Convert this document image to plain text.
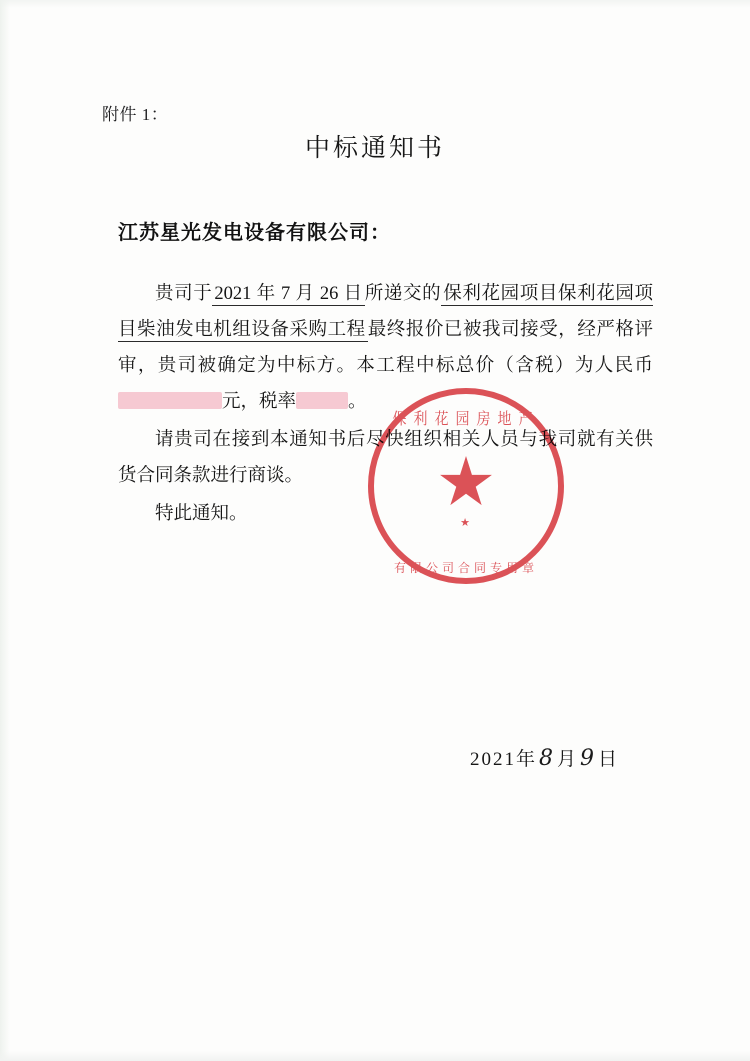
附件 1：
中标通知书
江苏星光发电设备有限公司：

贵司于 2021 年 7 月 26 日 所递交的 保利花园项目保利花园项目柴油发电机组设备采购工程 最终报价已被我司接受，经严格评审，贵司被确定为中标方。本工程中标总价（含税）为人民币元，税率	。

请贵司在接到本通知书后尽快组织相关人员与我司就有关供货合同条款进行商谈。

特此通知。

保利花园房地产
★
有限公司合同专用章
2021年8 月9 日
